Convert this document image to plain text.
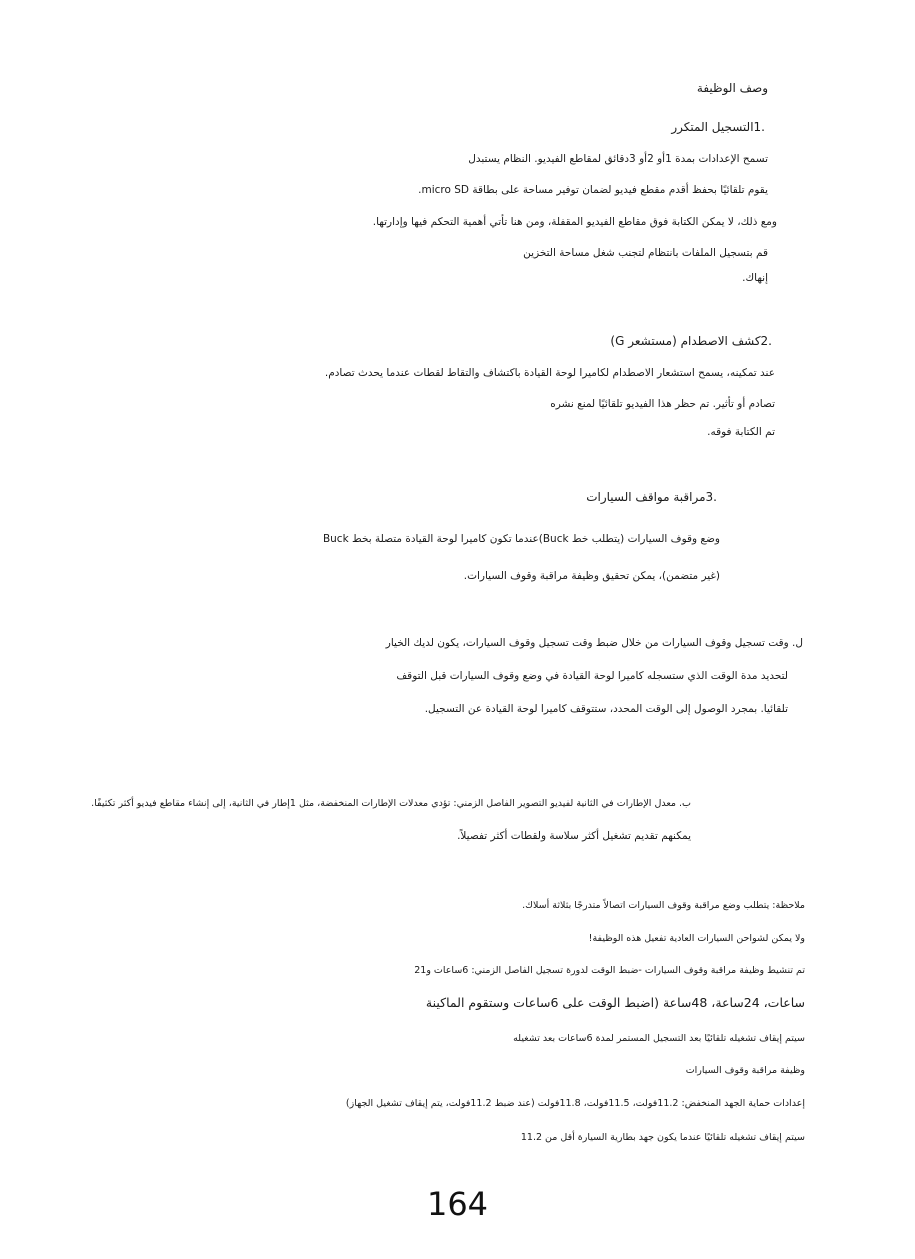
وصف الوظيفة
.1التسجيل المتكرر
تسمح الإعدادات بمدة 1أو 2أو 3دقائق لمقاطع الفيديو. النظام يستبدل
يقوم تلقائيًا بحفظ أقدم مقطع فيديو لضمان توفير مساحة على بطاقة micro SD.
ومع ذلك، لا يمكن الكتابة فوق مقاطع الفيديو المقفلة، ومن هنا تأتي أهمية التحكم فيها وإدارتها.
قم بتسجيل الملفات بانتظام لتجنب شغل مساحة التخزين
إنهاك.
.2كشف الاصطدام (مستشعر G)
عند تمكينه، يسمح استشعار الاصطدام لكاميرا لوحة القيادة باكتشاف والتقاط لقطات عندما يحدث تصادم.
تصادم أو تأثير. تم حظر هذا الفيديو تلقائيًا لمنع نشره
تم الكتابة فوقه.
.3مراقبة مواقف السيارات
وضع وقوف السيارات (يتطلب خط Buck)عندما تكون كاميرا لوحة القيادة متصلة بخط Buck
(غير متضمن)، يمكن تحقيق وظيفة مراقبة وقوف السيارات.
ل. وقت تسجيل وقوف السيارات من خلال ضبط وقت تسجيل وقوف السيارات، يكون لديك الخيار
لتحديد مدة الوقت الذي ستسجله كاميرا لوحة القيادة في وضع وقوف السيارات قبل التوقف
تلقائيا. بمجرد الوصول إلى الوقت المحدد، ستتوقف كاميرا لوحة القيادة عن التسجيل.
ب. معدل الإطارات في الثانية لفيديو التصوير الفاصل الزمني: تؤدي معدلات الإطارات المنخفضة، مثل 1إطار في الثانية، إلى إنشاء مقاطع فيديو أكثر تكثيفًا.
يمكنهم تقديم تشغيل أكثر سلاسة ولقطات أكثر تفصيلاً.
ملاحظة: يتطلب وضع مراقبة وقوف السيارات اتصالاً متدرجًا بثلاثة أسلاك.
ولا يمكن لشواحن السيارات العادية تفعيل هذه الوظيفة!
تم تنشيط وظيفة مراقبة وقوف السيارات -ضبط الوقت لدورة تسجيل الفاصل الزمني: 6ساعات و21
ساعات، 24ساعة، 48ساعة (اضبط الوقت على 6ساعات وستقوم الماكينة
سيتم إيقاف تشغيله تلقائيًا بعد التسجيل المستمر لمدة 6ساعات بعد تشغيله
وظيفة مراقبة وقوف السيارات
إعدادات حماية الجهد المنخفض: 11.2فولت، 11.5فولت، 11.8فولت (عند ضبط 11.2فولت، يتم إيقاف تشغيل الجهاز)
سيتم إيقاف تشغيله تلقائيًا عندما يكون جهد بطارية السيارة أقل من 11.2
164
